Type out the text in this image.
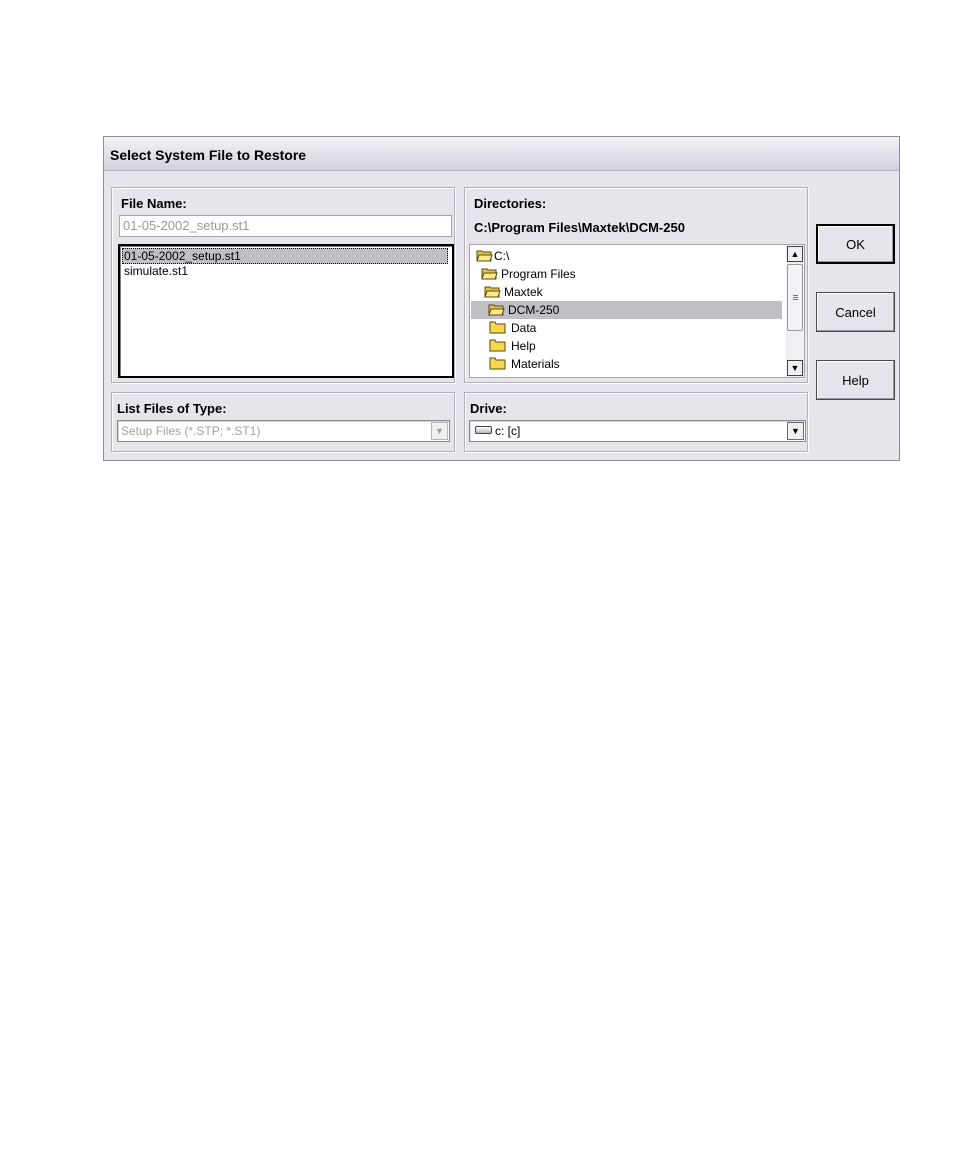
Select System File to Restore
File Name:
01-05-2002_setup.st1
01-05-2002_setup.st1
simulate.st1
Directories:
C:\Program Files\Maxtek\DCM-250
C:\
Program Files
Maxtek
DCM-250
Data
Help
Materials
▲
▼
List Files of Type:
Setup Files (*.STP; *.ST1)	▼
Drive:
c: [c]	▼
OK
Cancel
Help
